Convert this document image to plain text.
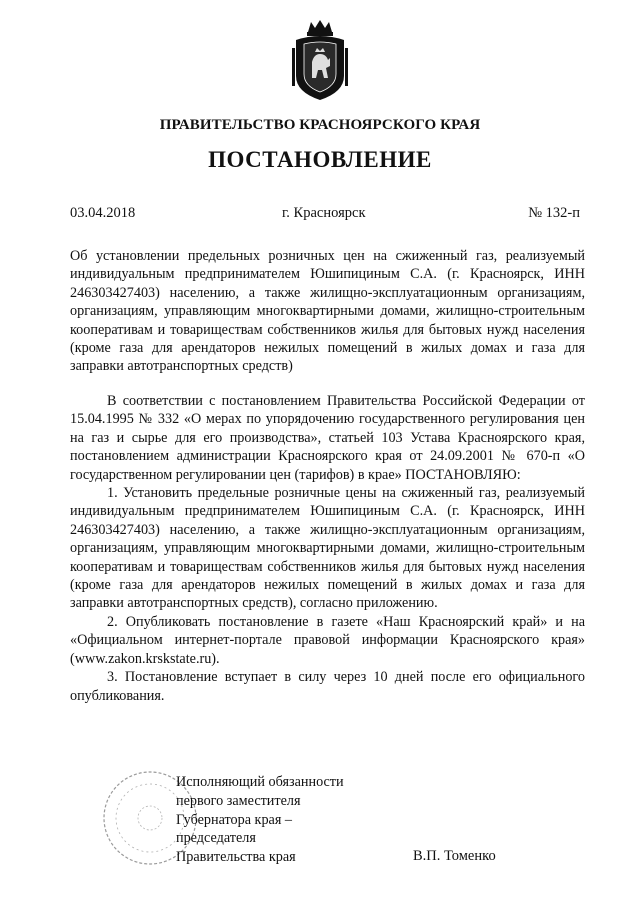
ПРАВИТЕЛЬСТВО КРАСНОЯРСКОГО КРАЯ
ПОСТАНОВЛЕНИЕ
03.04.2018	г. Красноярск	№ 132-п
Об установлении предельных розничных цен на сжиженный газ, реализуемый индивидуальным предпринимателем Юшипициным С.А. (г. Красноярск, ИНН 246303427403) населению, а также жилищно-эксплуатационным организациям, организациям, управляющим многоквартирными домами, жилищно-строительным кооперативам и товариществам собственников жилья для бытовых нужд населения (кроме газа для арендаторов нежилых помещений в жилых домах и газа для заправки автотранспортных средств)

В соответствии с постановлением Правительства Российской Федерации от 15.04.1995 № 332 «О мерах по упорядочению государственного регулирования цен на газ и сырье для его производства», статьей 103 Устава Красноярского края, постановлением администрации Красноярского края от 24.09.2001 № 670-п «О государственном регулировании цен (тарифов) в крае» ПОСТАНОВЛЯЮ:

1. Установить предельные розничные цены на сжиженный газ, реализуемый индивидуальным предпринимателем Юшипициным С.А. (г. Красноярск, ИНН 246303427403) населению, а также жилищно-эксплуатационным организациям, организациям, управляющим многоквартирными домами, жилищно-строительным кооперативам и товариществам собственников жилья для бытовых нужд населения (кроме газа для арендаторов нежилых помещений в жилых домах и газа для заправки автотранспортных средств), согласно приложению.

2. Опубликовать постановление в газете «Наш Красноярский край» и на «Официальном интернет-портале правовой информации Красноярского края» (www.zakon.krskstate.ru).

3. Постановление вступает в силу через 10 дней после его официального опубликования.

Исполняющий обязанности
первого заместителя
Губернатора края –
председателя
Правительства края	В.П. Томенко
